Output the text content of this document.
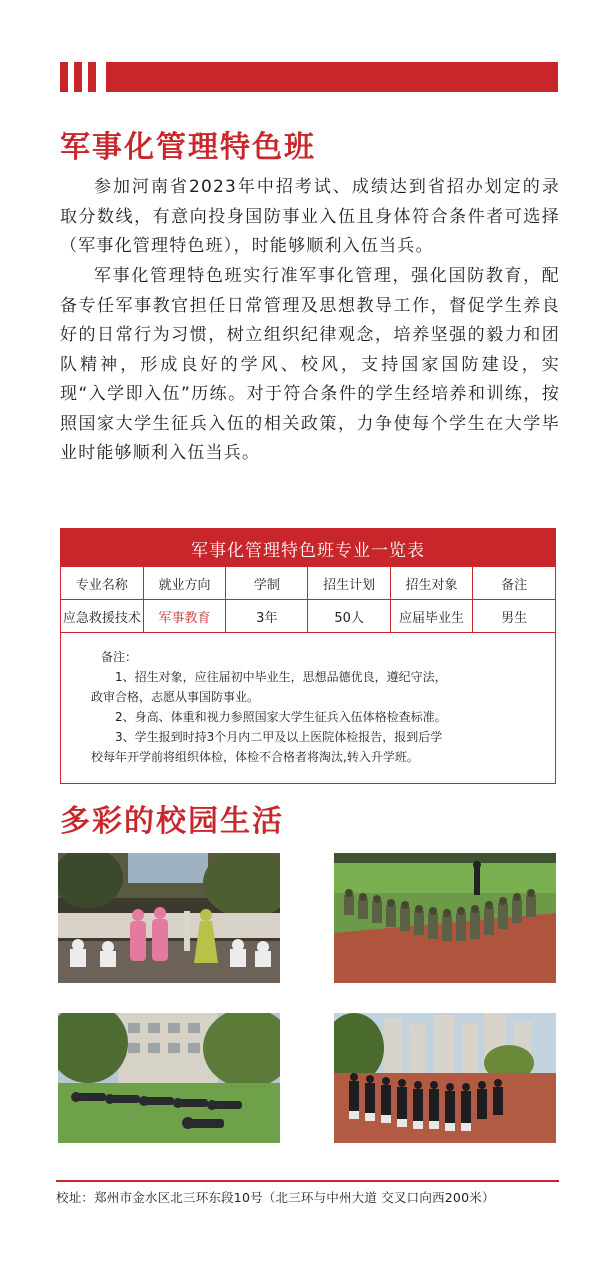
军事化管理特色班

参加河南省2023年中招考试、成绩达到省招办划定的录取分数线，有意向投身国防事业入伍且身体符合条件者可选择（军事化管理特色班），时能够顺利入伍当兵。

军事化管理特色班实行准军事化管理，强化国防教育，配备专任军事教官担任日常管理及思想教导工作，督促学生养良好的日常行为习惯，树立组织纪律观念，培养坚强的毅力和团队精神，形成良好的学风、校风，支持国家国防建设，实现“入学即入伍”历练。对于符合条件的学生经培养和训练，按照国家大学生征兵入伍的相关政策，力争使每个学生在大学毕业时能够顺利入伍当兵。

军事化管理特色班专业一览表
专业名称	就业方向	学制	招生计划	招生对象	备注
应急救援技术	军事教育	3年	50人	应届毕业生	男生
备注：
1、招生对象，应往届初中毕业生，思想品德优良，遵纪守法，
政审合格，志愿从事国防事业。
2、身高、体重和视力参照国家大学生征兵入伍体格检查标准。
3、学生报到时持3个月内二甲及以上医院体检报告，报到后学
校每年开学前将组织体检，体检不合格者将淘汰,转入升学班。
多彩的校园生活
校址：郑州市金水区北三环东段10号（北三环与中州大道 交叉口向西200米）
